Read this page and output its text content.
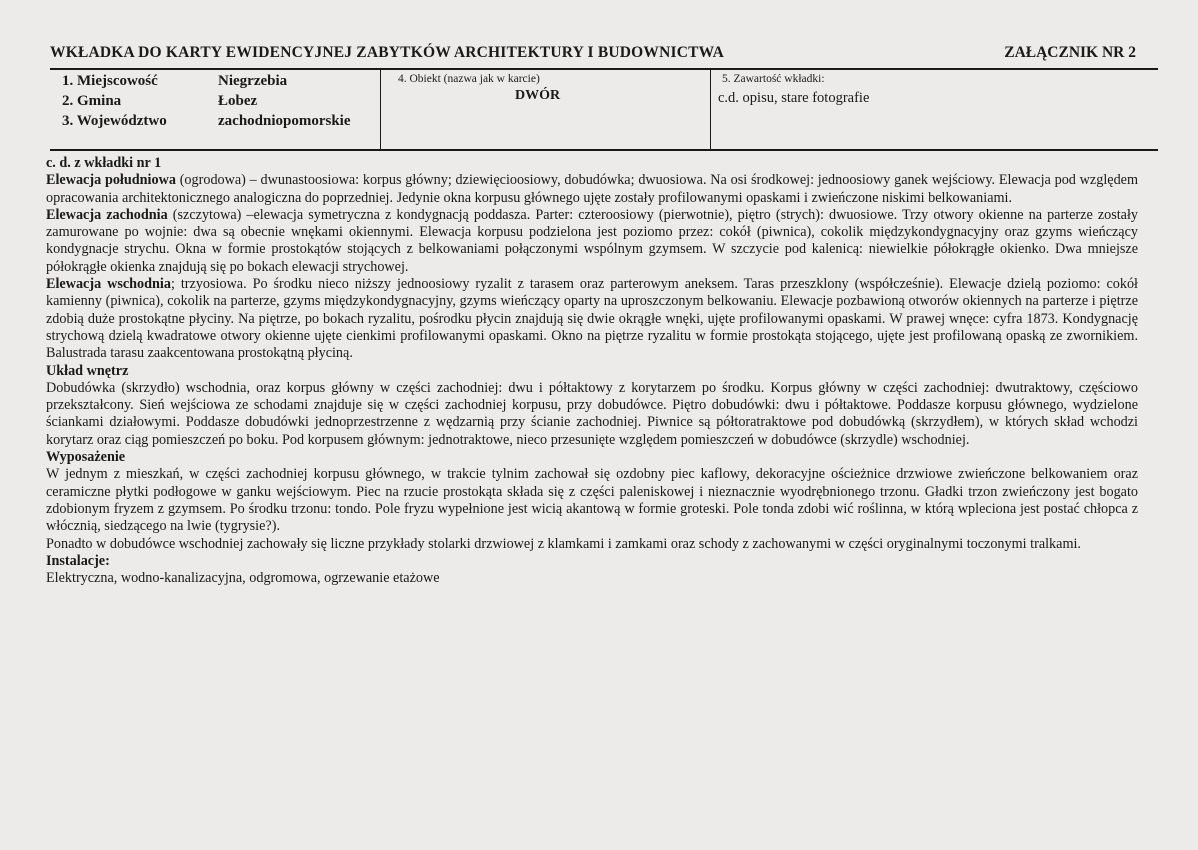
WKŁADKA DO KARTY EWIDENCYJNEJ ZABYTKÓW ARCHITEKTURY I BUDOWNICTWA	ZAŁĄCZNIK NR 2
1. Miejscowość	Niegrzebia
2. Gmina	Łobez
3. Województwo	zachodniopomorskie
4. Obiekt (nazwa jak w karcie)
DWÓR
5. Zawartość wkładki:
c.d. opisu, stare fotografie

c. d. z wkładki nr 1

Elewacja południowa (ogrodowa) – dwunastoosiowa: korpus główny; dziewięcioosiowy, dobudówka; dwuosiowa. Na osi środkowej: jednoosiowy ganek wejściowy. Elewacja pod względem opracowania architektonicznego analogiczna do poprzedniej. Jedynie okna korpusu głównego ujęte zostały profilowanymi opaskami i zwieńczone niskimi belkowaniami.

Elewacja zachodnia (szczytowa) –elewacja symetryczna z kondygnacją poddasza. Parter: czteroosiowy (pierwotnie), piętro (strych): dwuosiowe. Trzy otwory okienne na parterze zostały zamurowane po wojnie: dwa są obecnie wnękami okiennymi. Elewacja korpusu podzielona jest poziomo przez: cokół (piwnica), cokolik międzykondygnacyjny oraz gzyms wieńczący kondygnacje strychu. Okna w formie prostokątów stojących z belkowaniami połączonymi wspólnym gzymsem. W szczycie pod kalenicą: niewielkie półokrągłe okienko. Dwa mniejsze półokrągłe okienka znajdują się po bokach elewacji strychowej.

Elewacja wschodnia; trzyosiowa. Po środku nieco niższy jednoosiowy ryzalit z tarasem oraz parterowym aneksem. Taras przeszklony (współcześnie). Elewacje dzielą poziomo: cokół kamienny (piwnica), cokolik na parterze, gzyms międzykondygnacyjny, gzyms wieńczący oparty na uproszczonym belkowaniu. Elewacje pozbawioną otworów okiennych na parterze i piętrze zdobią duże prostokątne płyciny. Na piętrze, po bokach ryzalitu, pośrodku płycin znajdują się dwie okrągłe wnęki, ujęte profilowanymi opaskami. W prawej wnęce: cyfra 1873. Kondygnację strychową dzielą kwadratowe otwory okienne ujęte cienkimi profilowanymi opaskami. Okno na piętrze ryzalitu w formie prostokąta stojącego, ujęte jest profilowaną opaską ze zwornikiem. Balustrada tarasu zaakcentowana prostokątną płyciną.

Układ wnętrz

Dobudówka (skrzydło) wschodnia, oraz korpus główny w części zachodniej: dwu i półtaktowy z korytarzem po środku. Korpus główny w części zachodniej: dwutraktowy, częściowo przekształcony. Sień wejściowa ze schodami znajduje się w części zachodniej korpusu, przy dobudówce. Piętro dobudówki: dwu i półtaktowe. Poddasze korpusu głównego, wydzielone ściankami działowymi. Poddasze dobudówki jednoprzestrzenne z wędzarnią przy ścianie zachodniej. Piwnice są półtoratraktowe pod dobudówką (skrzydłem), w których skład wchodzi korytarz oraz ciąg pomieszczeń po boku. Pod korpusem głównym: jednotraktowe, nieco przesunięte względem pomieszczeń w dobudówce (skrzydle) wschodniej.

Wyposażenie

W jednym z mieszkań, w części zachodniej korpusu głównego, w trakcie tylnim zachował się ozdobny piec kaflowy, dekoracyjne ościeżnice drzwiowe zwieńczone belkowaniem oraz ceramiczne płytki podłogowe w ganku wejściowym. Piec na rzucie prostokąta składa się z części paleniskowej i nieznacznie wyodrębnionego trzonu. Gładki trzon zwieńczony jest bogato zdobionym fryzem z gzymsem. Po środku trzonu: tondo. Pole fryzu wypełnione jest wicią akantową w formie groteski. Pole tonda zdobi wić roślinna, w którą wpleciona jest postać chłopca z włócznią, siedzącego na lwie (tygrysie?).

Ponadto w dobudówce wschodniej zachowały się liczne przykłady stolarki drzwiowej z klamkami i zamkami oraz schody z zachowanymi w części oryginalnymi toczonymi tralkami.

Instalacje:

Elektryczna, wodno-kanalizacyjna, odgromowa, ogrzewanie etażowe
